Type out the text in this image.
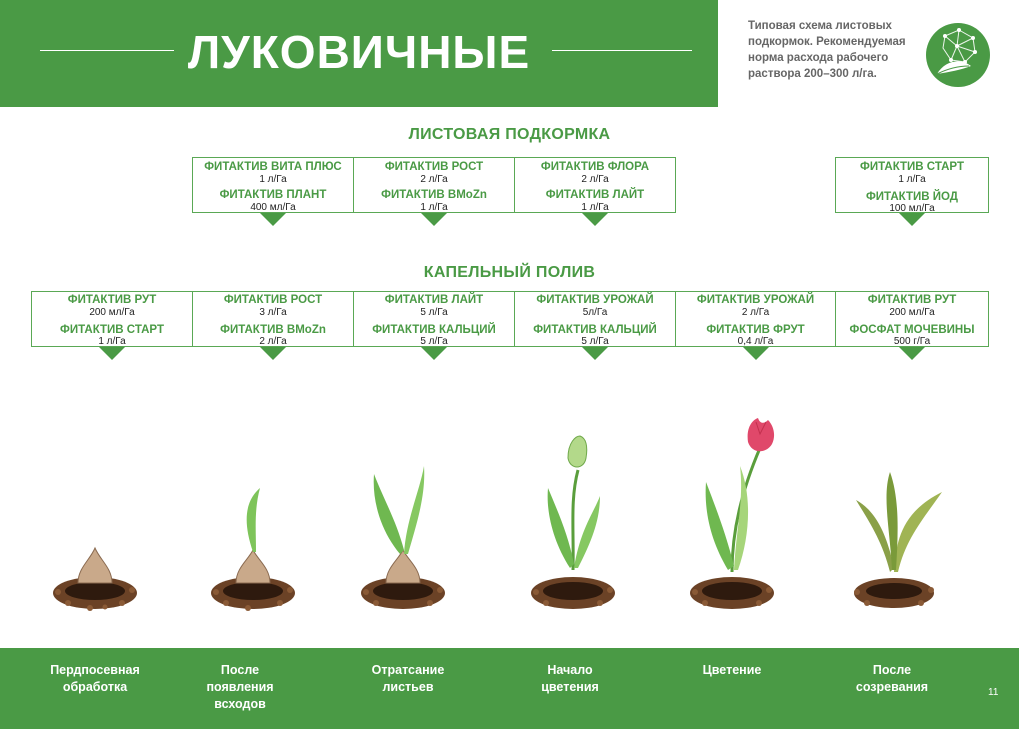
ЛУКОВИЧНЫЕ	Типовая схема листовых подкормок. Рекомендуемая норма расхода рабочего раствора 200–300 л/га.
ЛИСТОВАЯ ПОДКОРМКА
ФИТАКТИВ ВИТА ПЛЮС
1 л/Га
ФИТАКТИВ ПЛАНТ
400 мл/Га
ФИТАКТИВ РОСТ
2 л/Га
ФИТАКТИВ BMoZn
1 л/Га
ФИТАКТИВ ФЛОРА
2 л/Га
ФИТАКТИВ ЛАЙТ
1 л/Га
ФИТАКТИВ СТАРТ
1 л/Га
ФИТАКТИВ ЙОД
100 мл/Га
КАПЕЛЬНЫЙ ПОЛИВ
ФИТАКТИВ РУТ
200 мл/Га
ФИТАКТИВ СТАРТ
1 л/Га
ФИТАКТИВ РОСТ
3 л/Га
ФИТАКТИВ BMoZn
2 л/Га
ФИТАКТИВ ЛАЙТ
5 л/Га
ФИТАКТИВ КАЛЬЦИЙ
5 л/Га
ФИТАКТИВ УРОЖАЙ
5л/Га
ФИТАКТИВ КАЛЬЦИЙ
5 л/Га
ФИТАКТИВ УРОЖАЙ
2 л/Га
ФИТАКТИВ ФРУТ
0,4 л/Га
ФИТАКТИВ РУТ
200 мл/Га
ФОСФАТ МОЧЕВИНЫ
500 г/Га
Пердпосевная
обработка
После
появления
всходов
Отратсание
листьев
Начало
цветения
Цветение	После
созревания	11
